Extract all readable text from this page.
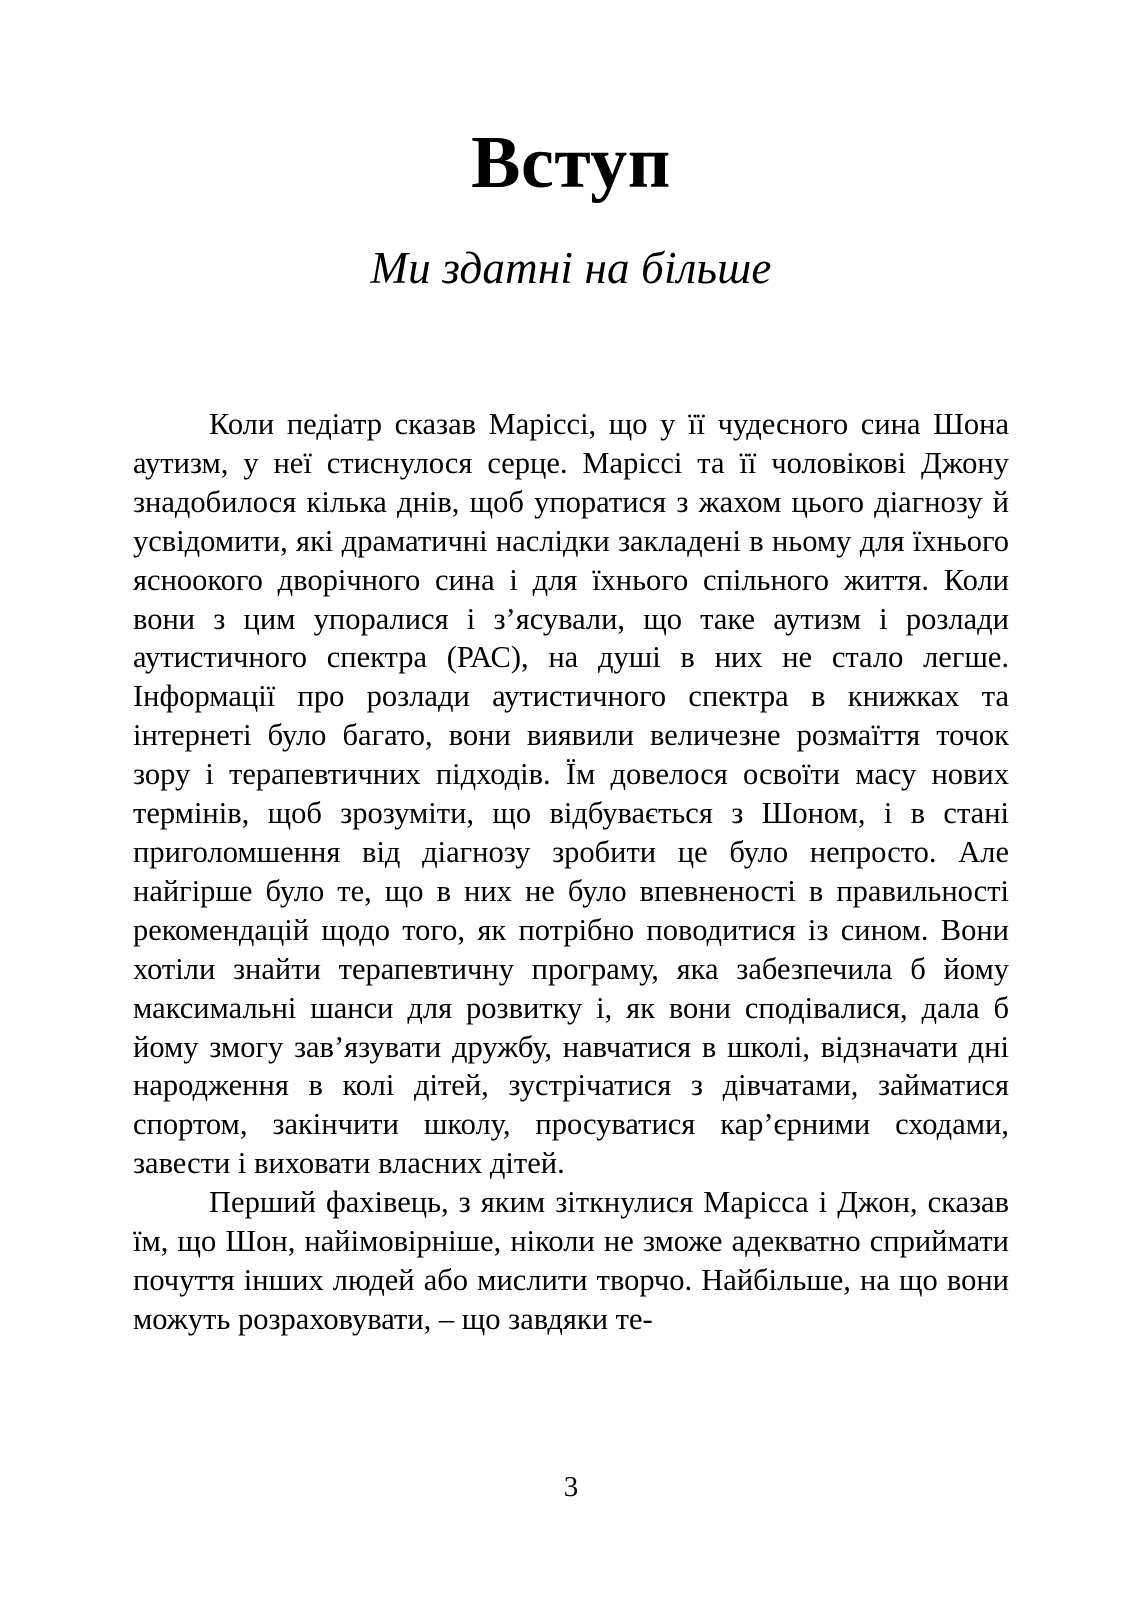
Вступ
Ми здатні на більше

Коли педіатр сказав Маріссі, що у її чудесного сина Шона аутизм, у неї стиснулося серце. Маріссі та її чоловікові Джону знадобилося кілька днів, щоб упоратися з жахом цього діагнозу й усвідомити, які драматичні наслідки закладені в ньому для їхнього ясноокого дворічного сина і для їхнього спільного життя. Коли вони з цим упоралися і з’ясували, що таке аутизм і розлади аутистичного спектра (РАС), на душі в них не стало легше. Інформації про розлади аутистичного спектра в книжках та інтернеті було багато, вони виявили величезне розмаїття точок зору і терапевтичних підходів. Їм довелося освоїти масу нових термінів, щоб зрозуміти, що відбувається з Шоном, і в стані приголомшення від діагнозу зробити це було непросто. Але найгірше було те, що в них не було впевненості в правильності рекомендацій щодо того, як потрібно поводитися із сином. Вони хотіли знайти терапевтичну програму, яка забезпечила б йому максимальні шанси для розвитку і, як вони сподівалися, дала б йому змогу зав’язувати дружбу, навчатися в школі, відзначати дні народження в колі дітей, зустрічатися з дівчатами, займатися спортом, закінчити школу, просуватися кар’єрними сходами, завести і виховати власних дітей.

Перший фахівець, з яким зіткнулися Марісса і Джон, сказав їм, що Шон, найімовірніше, ніколи не зможе адекватно сприймати почуття інших людей або мислити творчо. Найбільше, на що вони можуть розраховувати, – що завдяки те-

3
